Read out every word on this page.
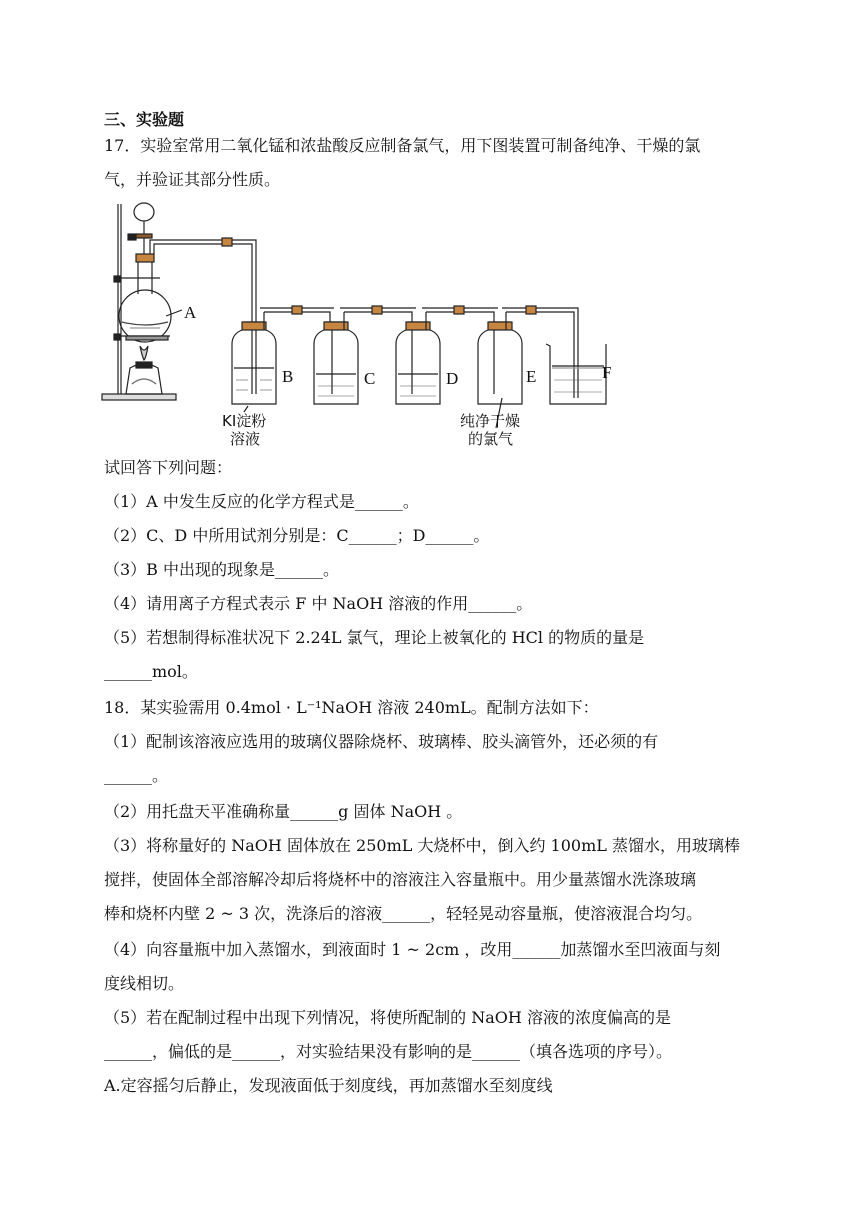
三、实验题
17．实验室常用二氧化锰和浓盐酸反应制备氯气，用下图装置可制备纯净、干燥的氯
气，并验证其部分性质。
A
B	C	D	E	F
KI淀粉
溶液
纯净干燥
的氯气
试回答下列问题：
（1）A 中发生反应的化学方程式是______。
（2）C、D 中所用试剂分别是：C______；D______。
（3）B 中出现的现象是______。
（4）请用离子方程式表示 F 中 NaOH 溶液的作用______。
（5）若想制得标准状况下 2.24L 氯气，理论上被氧化的 HCl 的物质的量是
______mol。
18．某实验需用 0.4mol · L⁻¹NaOH 溶液 240mL。配制方法如下：
（1）配制该溶液应选用的玻璃仪器除烧杯、玻璃棒、胶头滴管外，还必须的有
______。
（2）用托盘天平准确称量______g 固体 NaOH 。
（3）将称量好的 NaOH 固体放在 250mL 大烧杯中，倒入约 100mL 蒸馏水，用玻璃棒
搅拌，使固体全部溶解冷却后将烧杯中的溶液注入容量瓶中。用少量蒸馏水洗涤玻璃
棒和烧杯内壁 2 ~ 3 次，洗涤后的溶液______，轻轻晃动容量瓶，使溶液混合均匀。
（4）向容量瓶中加入蒸馏水，到液面时 1 ~ 2cm ，改用______加蒸馏水至凹液面与刻
度线相切。
（5）若在配制过程中出现下列情况，将使所配制的 NaOH 溶液的浓度偏高的是
______，偏低的是______，对实验结果没有影响的是______（填各选项的序号）。
A.定容摇匀后静止，发现液面低于刻度线，再加蒸馏水至刻度线
